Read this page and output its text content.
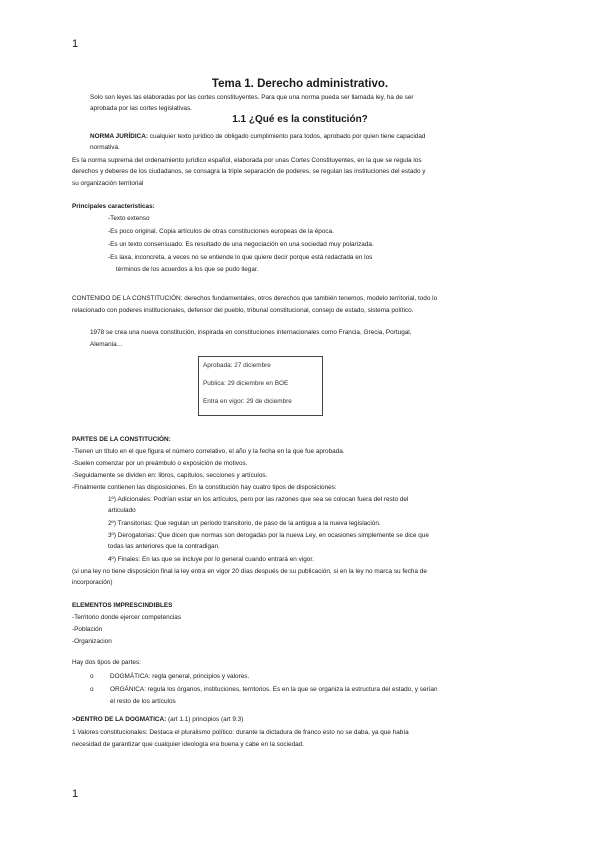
1
Tema 1. Derecho administrativo.
Solo son leyes las elaboradas por las cortes constituyentes. Para que una norma pueda ser llamada ley, ha de ser
aprobada por las cortes legislativas.
1.1 ¿Qué es la constitución?
NORMA JURÍDICA: cualquier texto jurídico de obligado cumplimiento para todos, aprobado por quien tiene capacidad
normativa.
Es la norma suprema del ordenamiento jurídico español, elaborada por unas Cortes Constituyentes, en la que se regula los
derechos y deberes de los ciudadanos, se consagra la triple separación de poderes, se regulan las instituciones del estado y
su organización territorial
Principales características:
-Texto extenso
-Es poco original. Copia artículos de otras constituciones europeas de la época.
-Es un texto consensuado. Es resultado de una negociación en una sociedad muy polarizada.
-Es laxa, inconcreta, a veces no se entiende lo que quiere decir porque está redactada en los
términos de los acuerdos a los que se pudo llegar.
CONTENIDO DE LA CONSTITUCIÓN: derechos fundamentales, otros derechos que también tenemos, modelo territorial, todo lo
relacionado con poderes institucionales, defensor del pueblo, tribunal constitucional, consejo de estado, sistema político.
1978 se crea una nueva constitución, inspirada en constituciones internacionales como Francia, Grecia, Portugal,
Alemania…
Aprobada: 27 diciembre
Publica: 29 diciembre en BOE
Entra en vigor: 29 de diciembre
PARTES DE LA CONSTITUCIÓN:
-Tienen un título en el que figura el número correlativo, el año y la fecha en la que fue aprobada.
-Suelen comenzar por un preámbulo o exposición de motivos.
-Seguidamente se dividen en: libros, capítulos, secciones y artículos.
-Finalmente contienen las disposiciones. En la constitución hay cuatro tipos de disposiciones:
1º) Adicionales: Podrían estar en los artículos, pero por las razones que sea se colocan fuera del resto del
articulado
2º) Transitorias: Que regulan un periodo transitorio, de paso de la antigua a la nueva legislación.
3º) Derogatorias: Que dicen que normas son derogadas por la nueva Ley, en ocasiones simplemente se dice que
todas las anteriores que la contradigan.
4º) Finales: En las que se incluye por lo general cuando entrará en vigor.
(si una ley no tiene disposición final la ley entra en vigor 20 días después de su publicación, si en la ley no marca su fecha de
incorporación)
ELEMENTOS IMPRESCINDIBLES
-Territorio donde ejercer competencias
-Población
-Organizacion
Hay dos tipos de partes:
o	DOGMÁTICA: regla general, principios y valores.
o	ORGÁNICA: regula los órganos, instituciones, territorios. Es en la que se organiza la estructura del estado, y serían
el resto de los artículos
>DENTRO DE LA DOGMATICA: (art 1.1) principios (art 9.3)
1 Valores constitucionales: Destaca el pluralismo político: durante la dictadura de franco esto no se daba, ya que había
necesidad de garantizar que cualquier ideología era buena y cabe en la sociedad.
1
